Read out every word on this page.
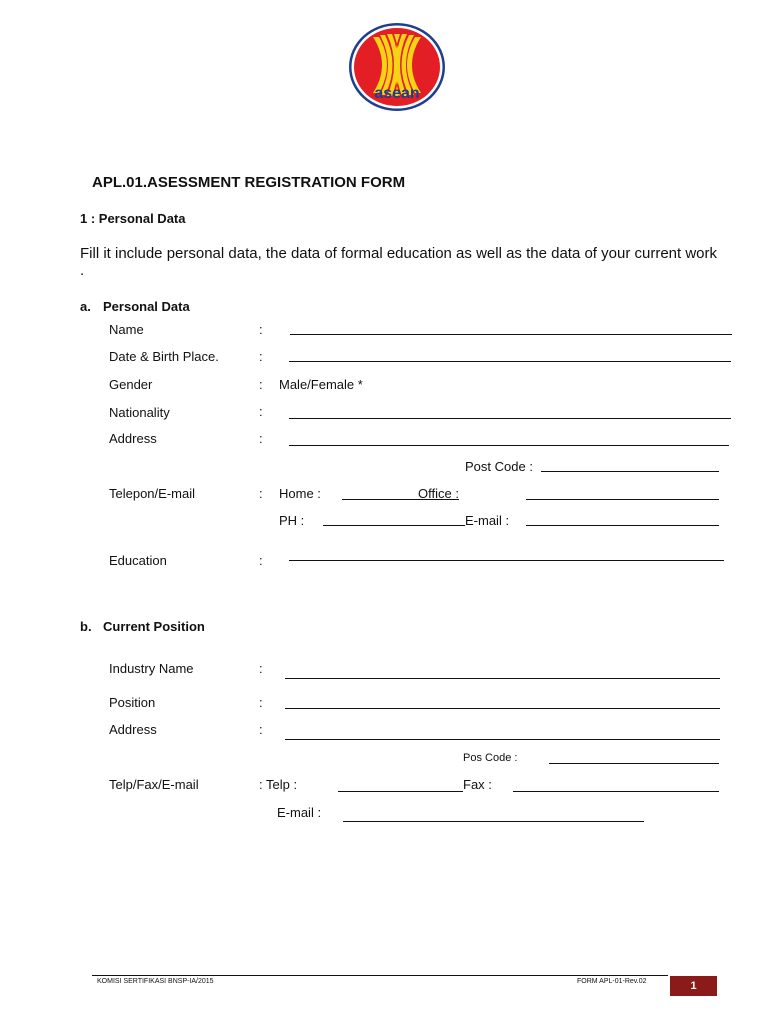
asean
APL.01.ASESSMENT REGISTRATION FORM
1 : Personal Data
Fill it include personal data, the data of formal education as well as the data of your current work .
a. Personal Data
Name	:
Date & Birth Place.	:
Gender	: Male/Female *
Nationality	:
Address	:
Post Code :
Telepon/E-mail	: Home :	Office :
PH :	E-mail :
Education	:
b. Current Position
Industry Name	:
Position	:
Address	:
Pos Code :
Telp/Fax/E-mail	: Telp :	Fax :
E-mail :
KOMISI SERTIFIKASI BNSP-IA/2015	FORM APL-01-Rev.02	1
